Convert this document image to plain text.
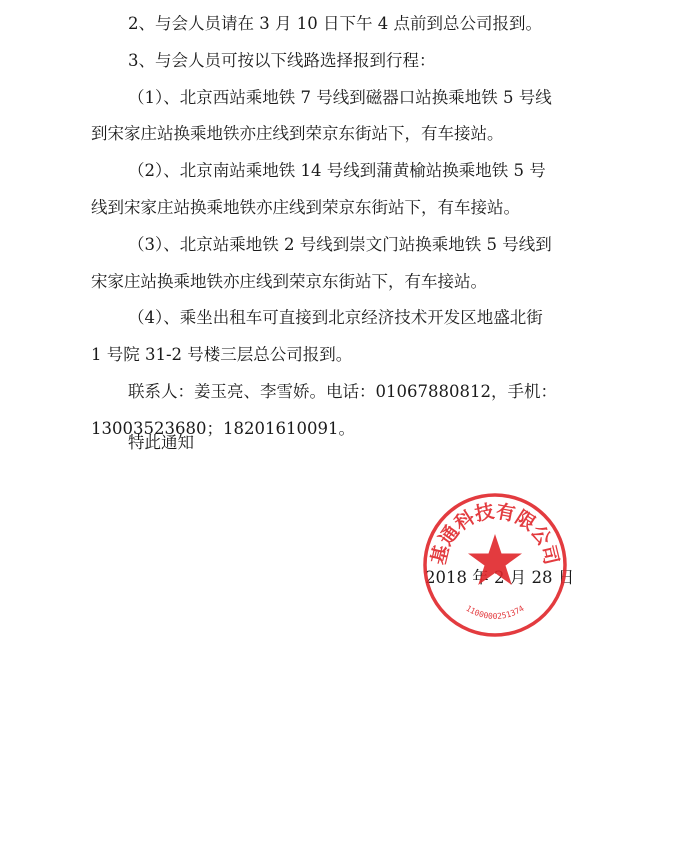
2、与会人员请在 3 月 10 日下午 4 点前到总公司报到。
3、与会人员可按以下线路选择报到行程：
（1）、北京西站乘地铁 7 号线到磁器口站换乘地铁 5 号线
到宋家庄站换乘地铁亦庄线到荣京东街站下，有车接站。
（2）、北京南站乘地铁 14 号线到蒲黄榆站换乘地铁 5 号
线到宋家庄站换乘地铁亦庄线到荣京东街站下，有车接站。
（3）、北京站乘地铁 2 号线到崇文门站换乘地铁 5 号线到
宋家庄站换乘地铁亦庄线到荣京东街站下，有车接站。
（4）、乘坐出租车可直接到北京经济技术开发区地盛北街
1 号院 31-2 号楼三层总公司报到。
联系人：姜玉亮、李雪娇。电话：01067880812，手机：
13003523680；18201610091。
特此通知
2018 年 2 月 28 日
基通科技有限公司
1100000251374
